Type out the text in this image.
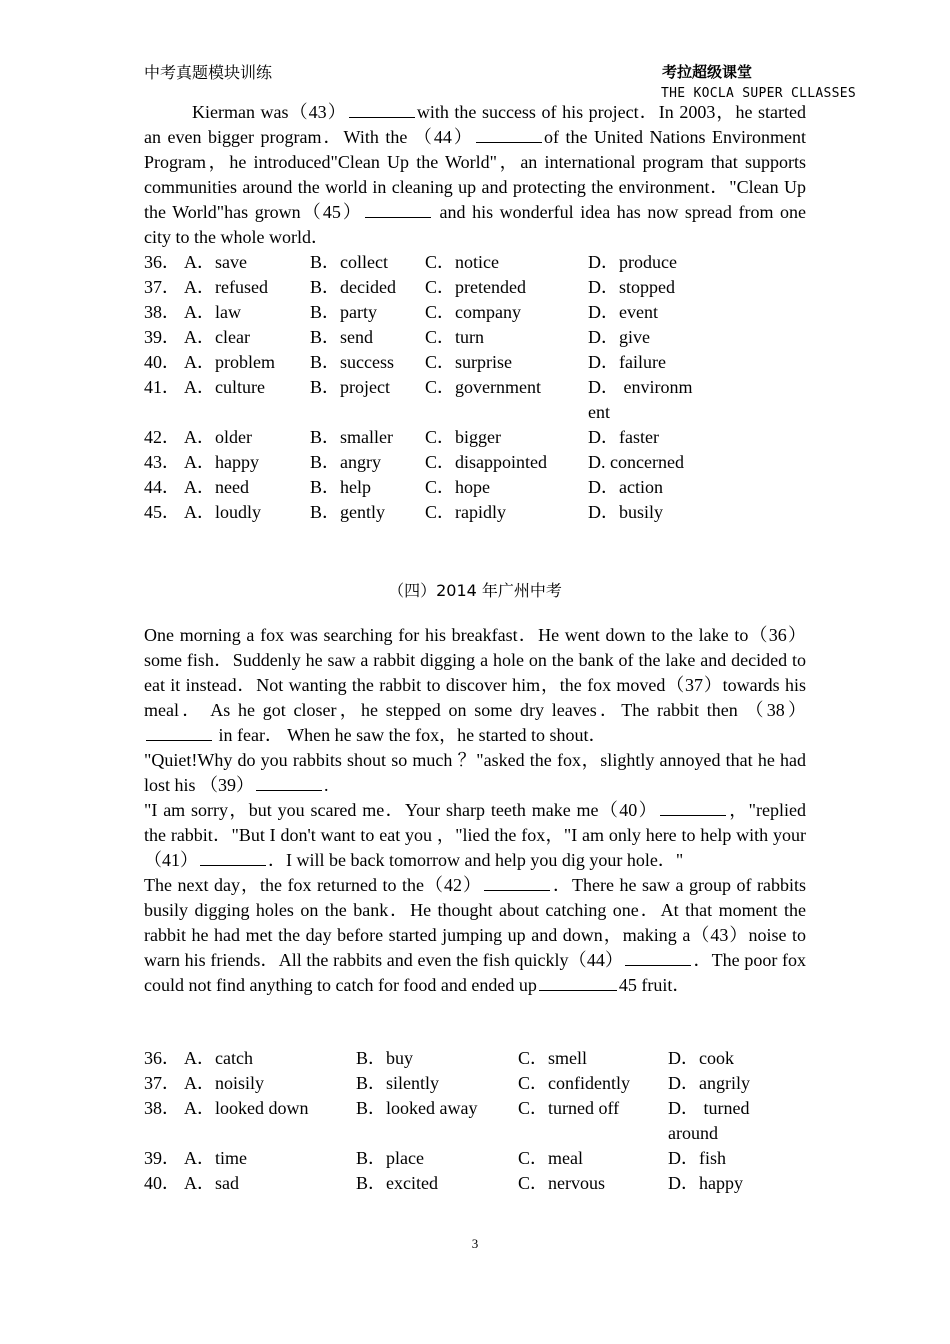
中考真题模块训练	考拉超级课堂
THE KOCLA SUPER CLLASSES

Kierman was（43）	with the success of his project．In 2003，he started an even bigger program．With the （44）	of the United Nations Environment Program，he introduced"Clean Up the World"，an international program that supports communities around the world in cleaning up and protecting the environment．"Clean Up the World"has grown（45）	and his wonderful idea has now spread from one city to the whole world．

36． A．save	B．collect C．notice	D．produce
37． A．refused B．decided C．pretended	D．stopped
38． A．law	B．party	C．company	D．event
39． A．clear	B．send	C．turn	D．give
40． A．problem B．success C．surprise	D．failure
41． A．culture	B．project C．government	D． environment
42． A．older	B．smaller C．bigger	D．faster
43． A．happy	B．angry C．disappointed D. concerned
44． A．need	B．help	C．hope	D．action
45． A．loudly	B．gently C．rapidly	D．busily
（四）2014 年广州中考

One morning a fox was searching for his breakfast．He went down to the lake to（36）some fish．Suddenly he saw a rabbit digging a hole on the bank of the lake and decided to eat it instead．Not wanting the rabbit to discover him，the fox moved（37）towards his meal． As he got closer，he stepped on some dry leaves．The rabbit then （38） in fear． When he saw the fox，he started to shout．

"Quiet!Why do you rabbits shout so much ？"asked the fox，slightly annoyed that he had lost his （39）	.

"I am sorry，but you scared me．Your sharp teeth make me（40）	，"replied the rabbit．"But I don't want to eat you ，"lied the fox，"I am only here to help with your（41）	．I will be back tomorrow and help you dig your hole．"

The next day，the fox returned to the（42）	．There he saw a group of rabbits busily digging holes on the bank．He thought about catching one．At that moment the rabbit he had met the day before started jumping up and down，making a（43）noise to warn his friends．All the rabbits and even the fish quickly（44）	．The poor fox could not find anything to catch for food and ended up	45 fruit．

36． A．catch	B．buy	C．smell	D．cook
37． A．noisily	B．silently	C．confidently D．angrily
38． A．looked down	B．looked away C．turned off	D． turned around
39． A．time	B．place	C．meal	D．fish
40． A．sad	B．excited	C．nervous	D．happy
3
